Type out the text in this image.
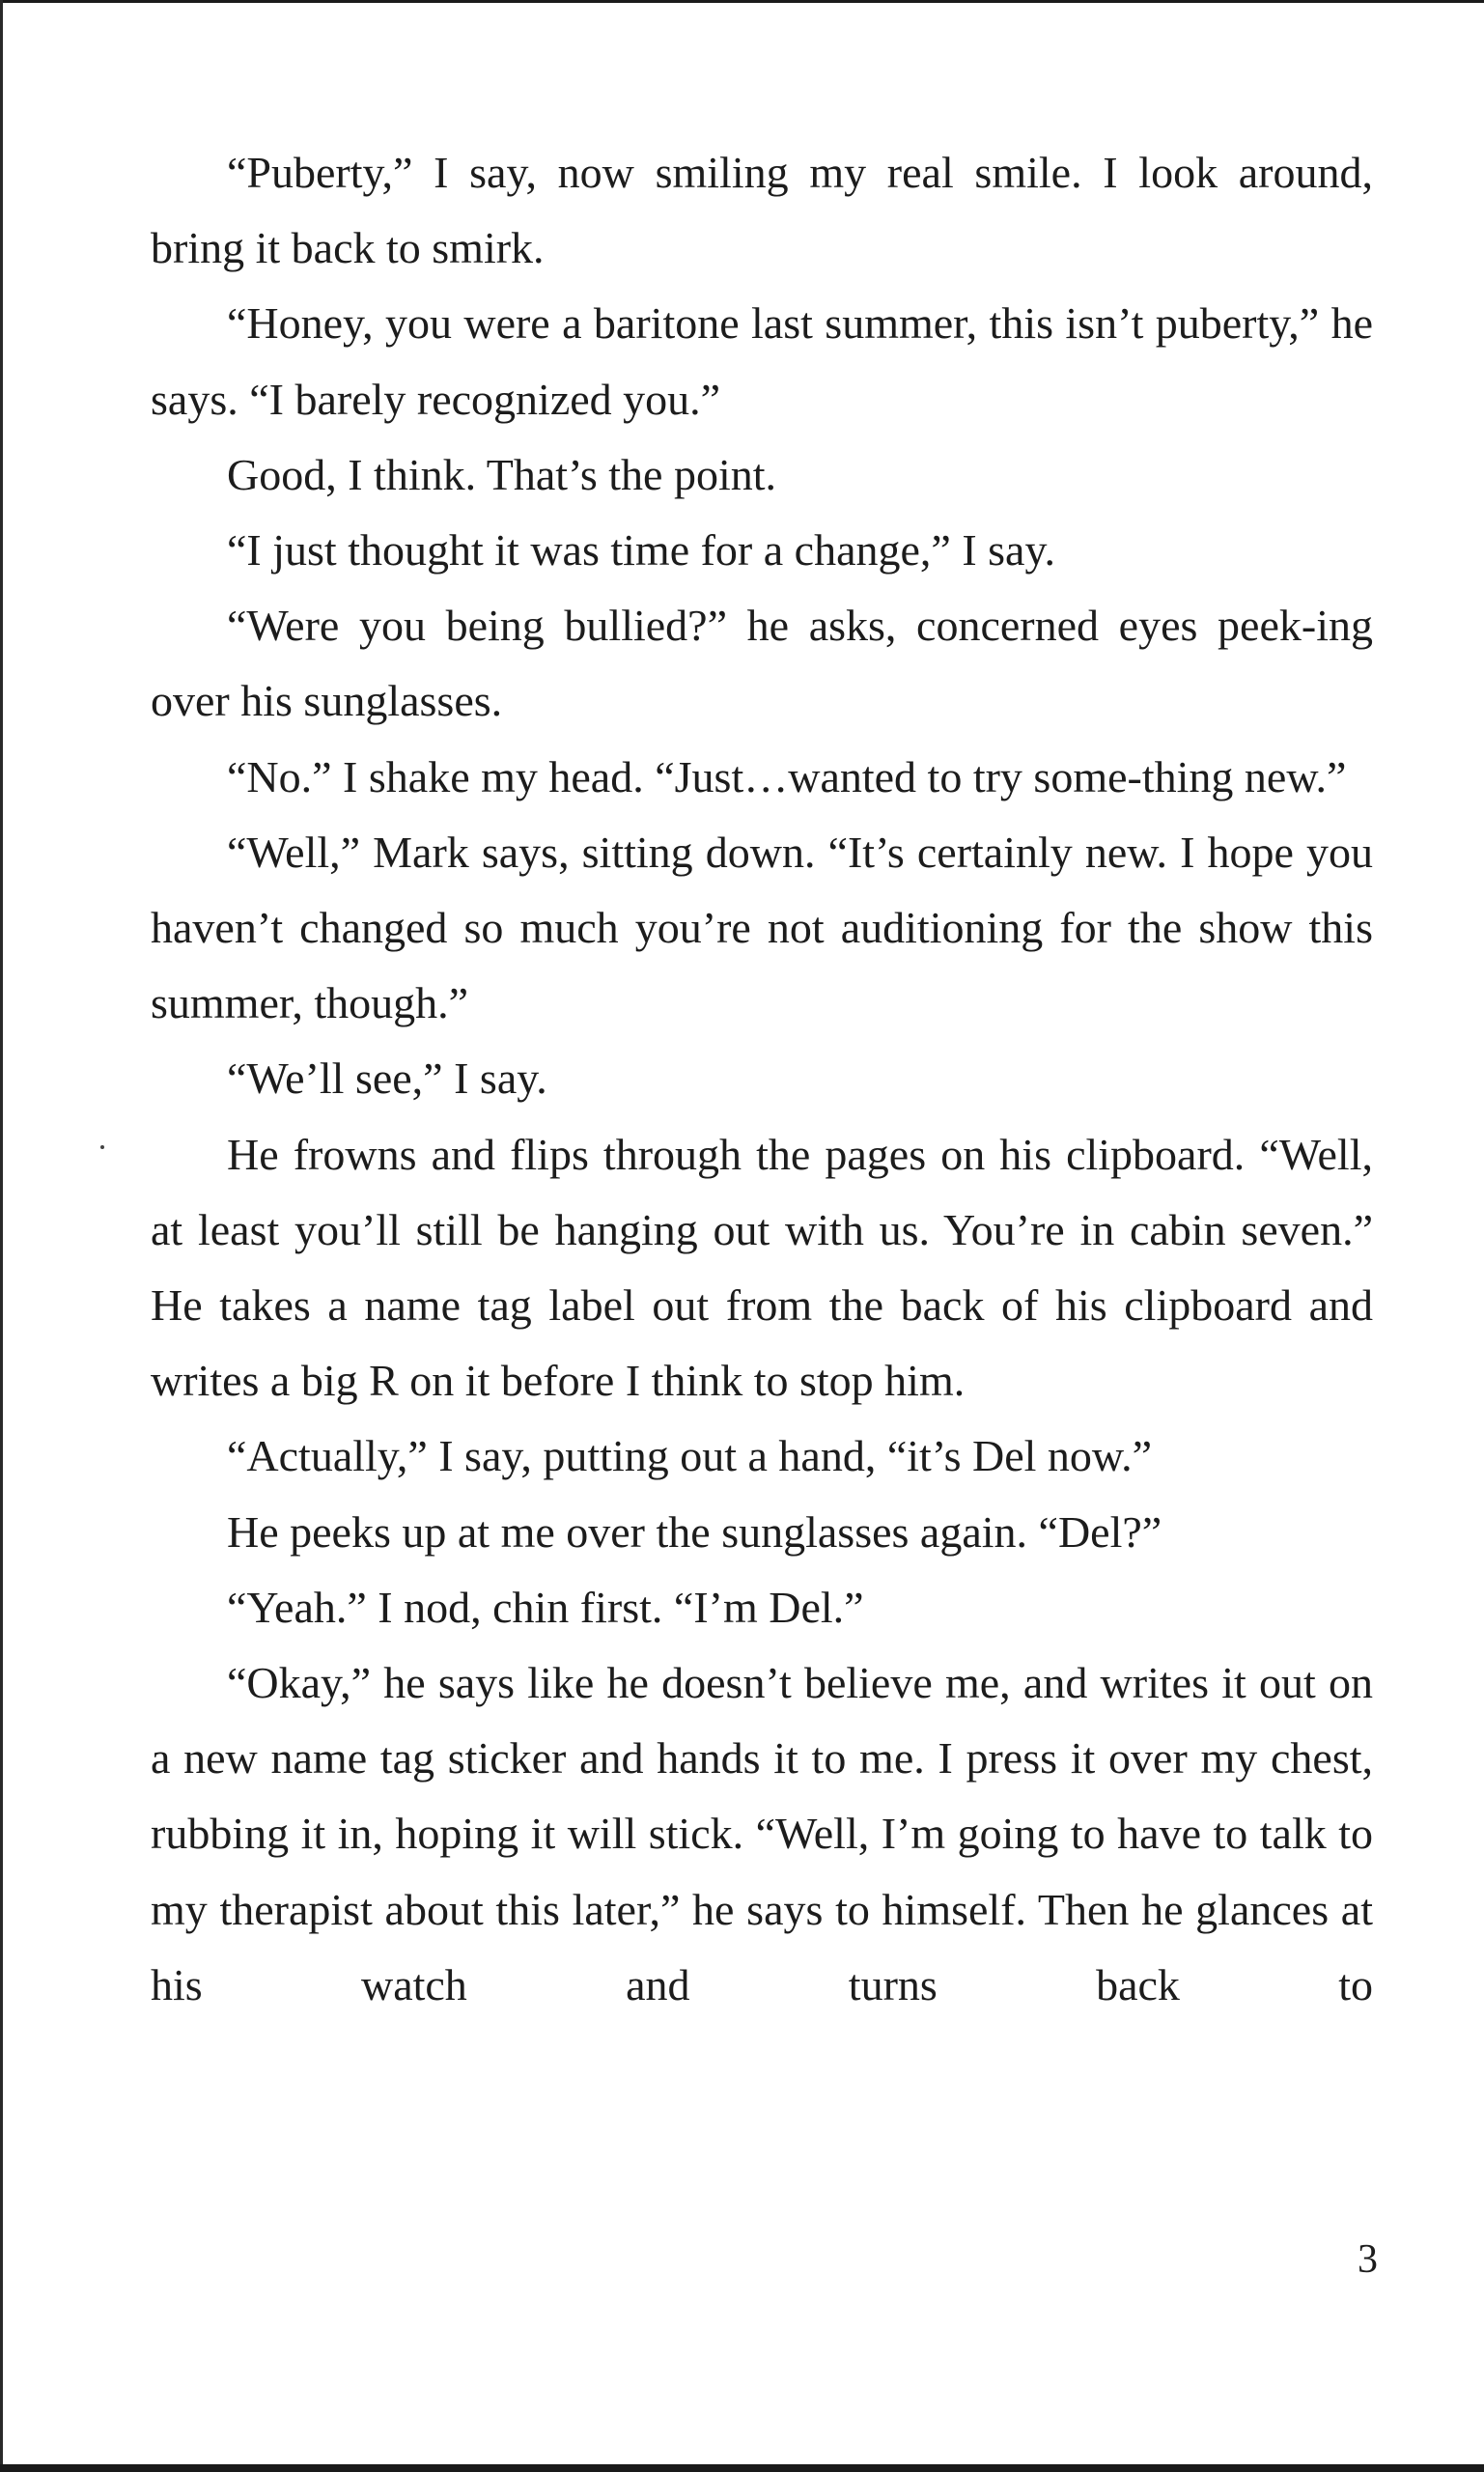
“Puberty,” I say, now smiling my real smile. I look around, bring it back to smirk.

“Honey, you were a baritone last summer, this isn’t puberty,” he says. “I barely recognized you.”

Good, I think. That’s the point.

“I just thought it was time for a change,” I say.

“Were you being bullied?” he asks, concerned eyes peek-ing over his sunglasses.

“No.” I shake my head. “Just…wanted to try some-thing new.”

“Well,” Mark says, sitting down. “It’s certainly new. I hope you haven’t changed so much you’re not auditioning for the show this summer, though.”

“We’ll see,” I say.

He frowns and flips through the pages on his clipboard. “Well, at least you’ll still be hanging out with us. You’re in cabin seven.” He takes a name tag label out from the back of his clipboard and writes a big R on it before I think to stop him.

“Actually,” I say, putting out a hand, “it’s Del now.”

He peeks up at me over the sunglasses again. “Del?”

“Yeah.” I nod, chin first. “I’m Del.”

“Okay,” he says like he doesn’t believe me, and writes it out on a new name tag sticker and hands it to me. I press it over my chest, rubbing it in, hoping it will stick. “Well, I’m going to have to talk to my therapist about this later,” he says to himself. Then he glances at his watch and turns back to

3
